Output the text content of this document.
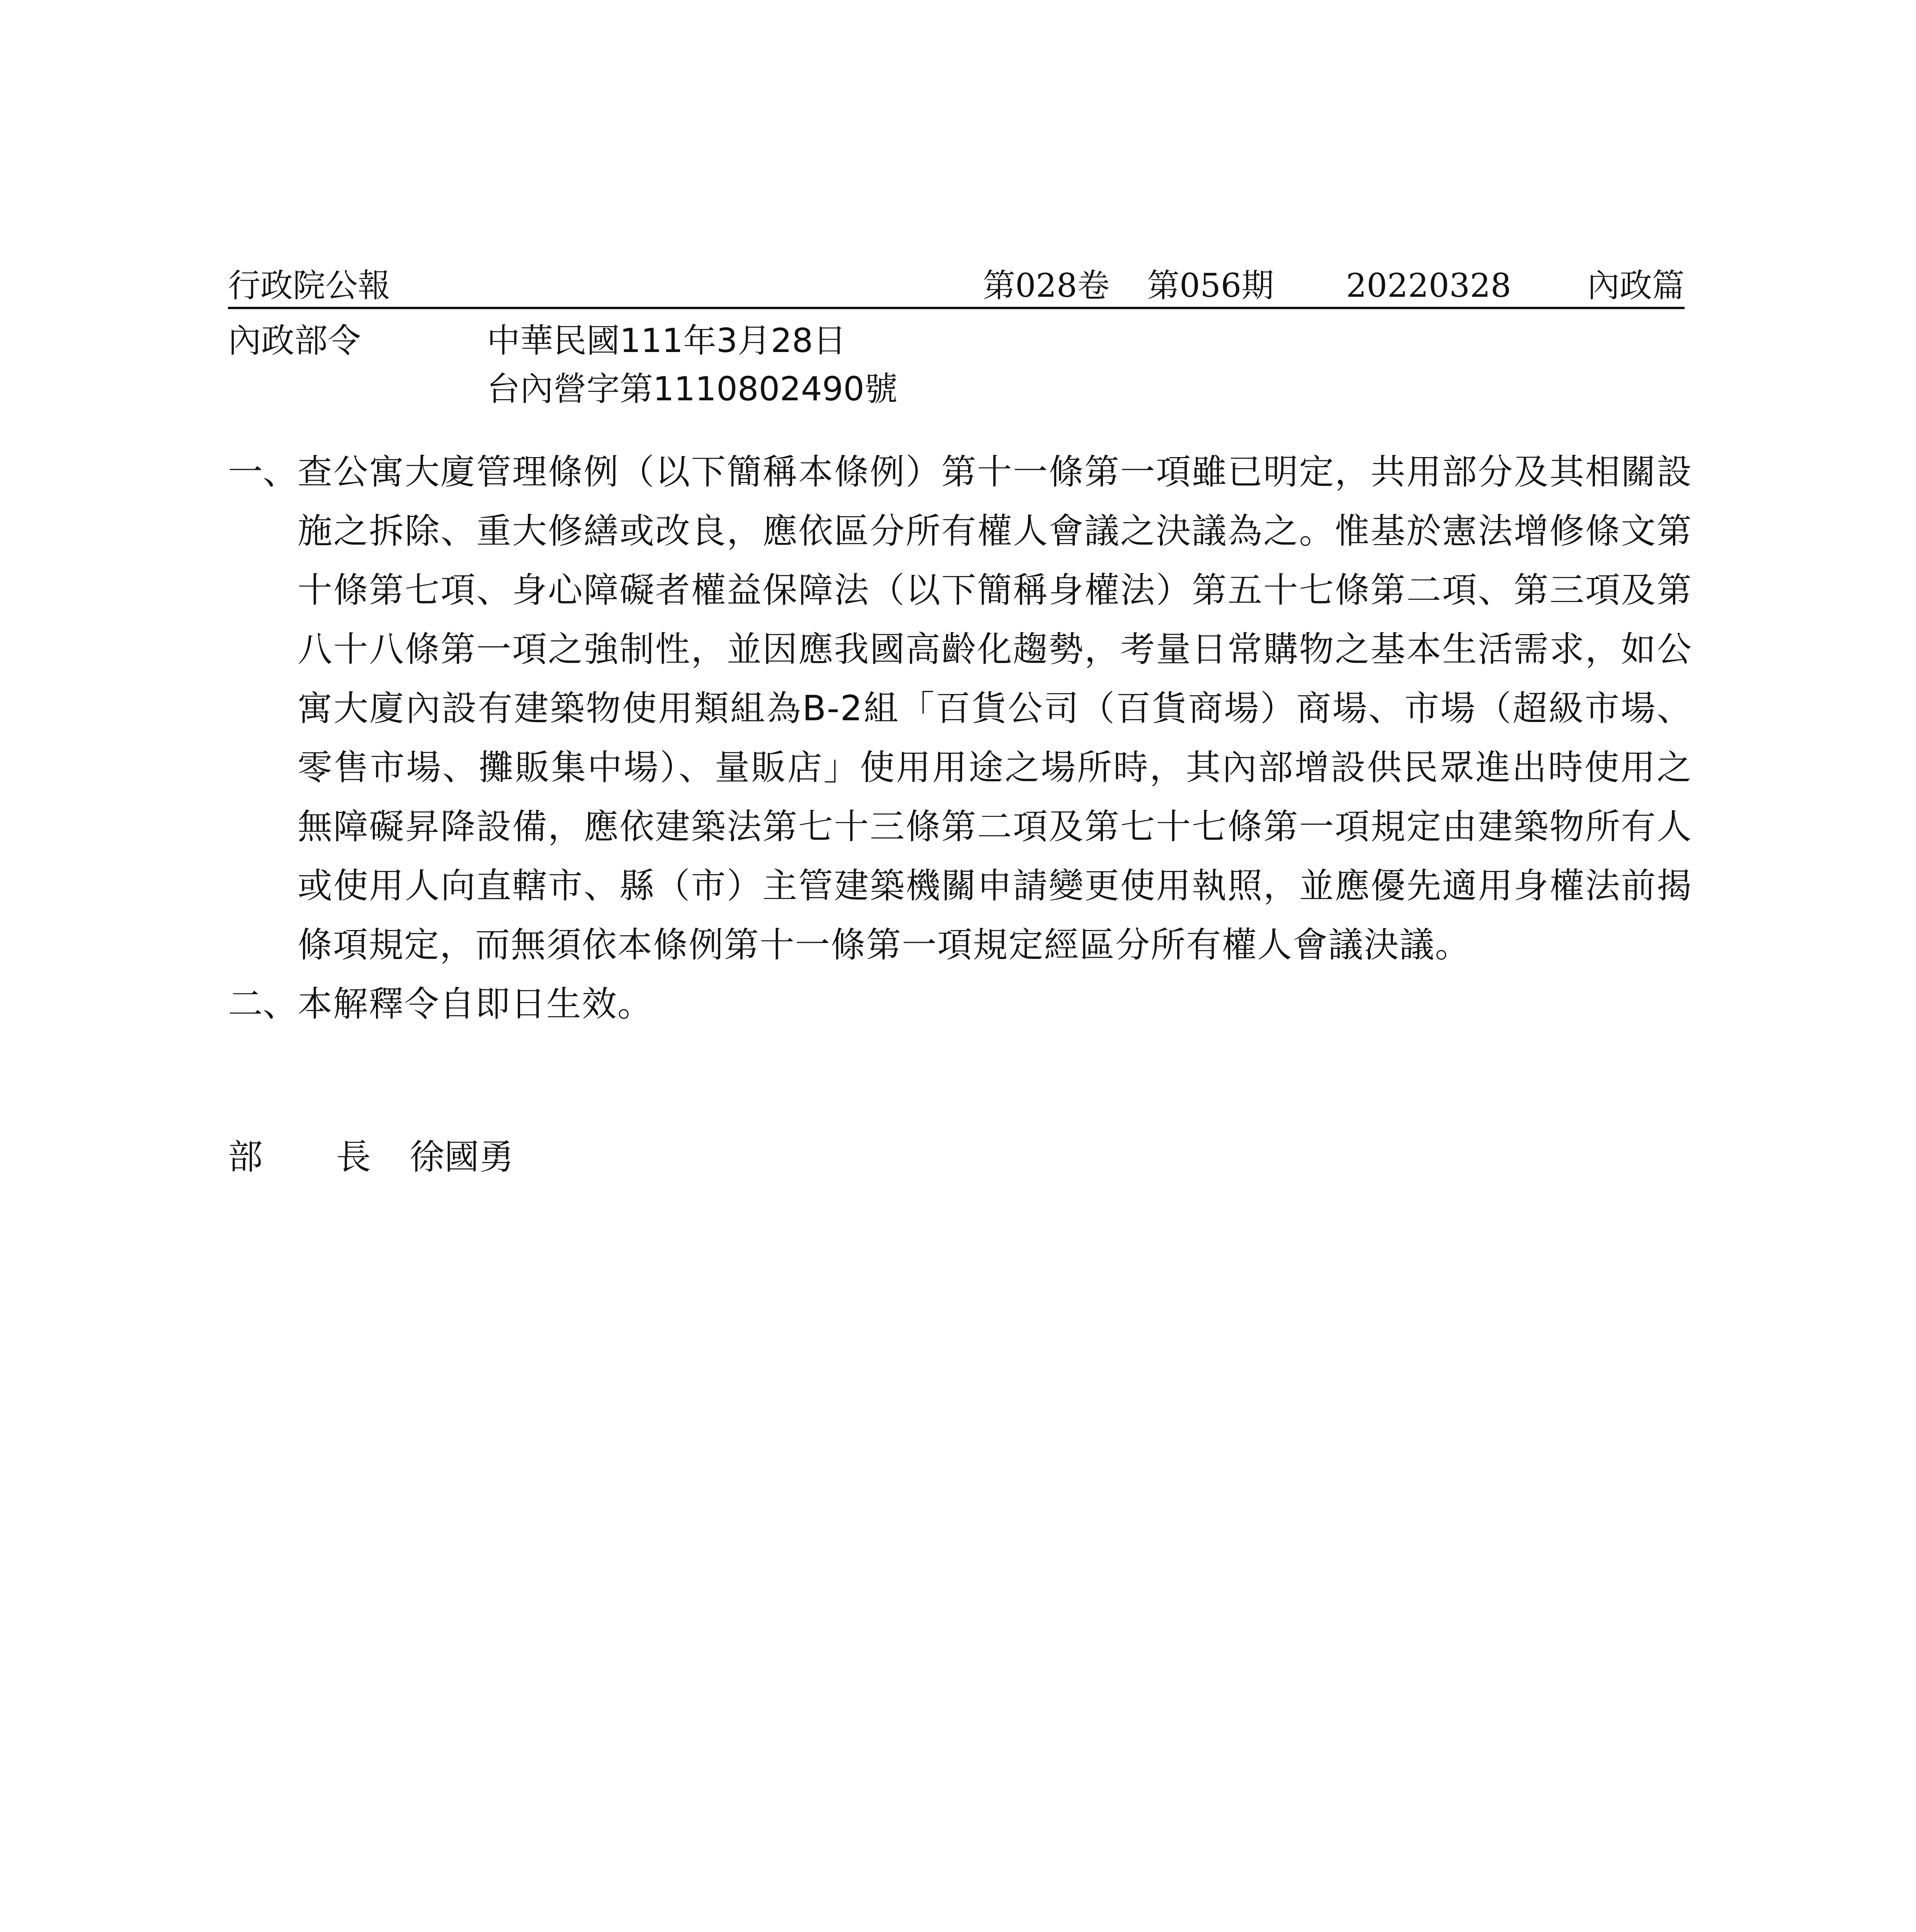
行政院公報	第028卷 第056期 20220328 內政篇
內政部令	中華民國111年3月28日
台內營字第1110802490號
一、 查公寓大廈管理條例（以下簡稱本條例）第十一條第一項雖已明定，共用部分及其相關設施之拆除、重大修繕或改良，應依區分所有權人會議之決議為之。惟基於憲法增修條文第十條第七項、身心障礙者權益保障法（以下簡稱身權法）第五十七條第二項、第三項及第八十八條第一項之強制性，並因應我國高齡化趨勢，考量日常購物之基本生活需求，如公寓大廈內設有建築物使用類組為B-2組「百貨公司（百貨商場）商場、市場（超級市場、零售市場、攤販集中場）、量販店」使用用途之場所時，其內部增設供民眾進出時使用之無障礙昇降設備，應依建築法第七十三條第二項及第七十七條第一項規定由建築物所有人或使用人向直轄市、縣（市）主管建築機關申請變更使用執照，並應優先適用身權法前揭條項規定，而無須依本條例第十一條第一項規定經區分所有權人會議決議。
二、 本解釋令自即日生效。
部 長 徐國勇
